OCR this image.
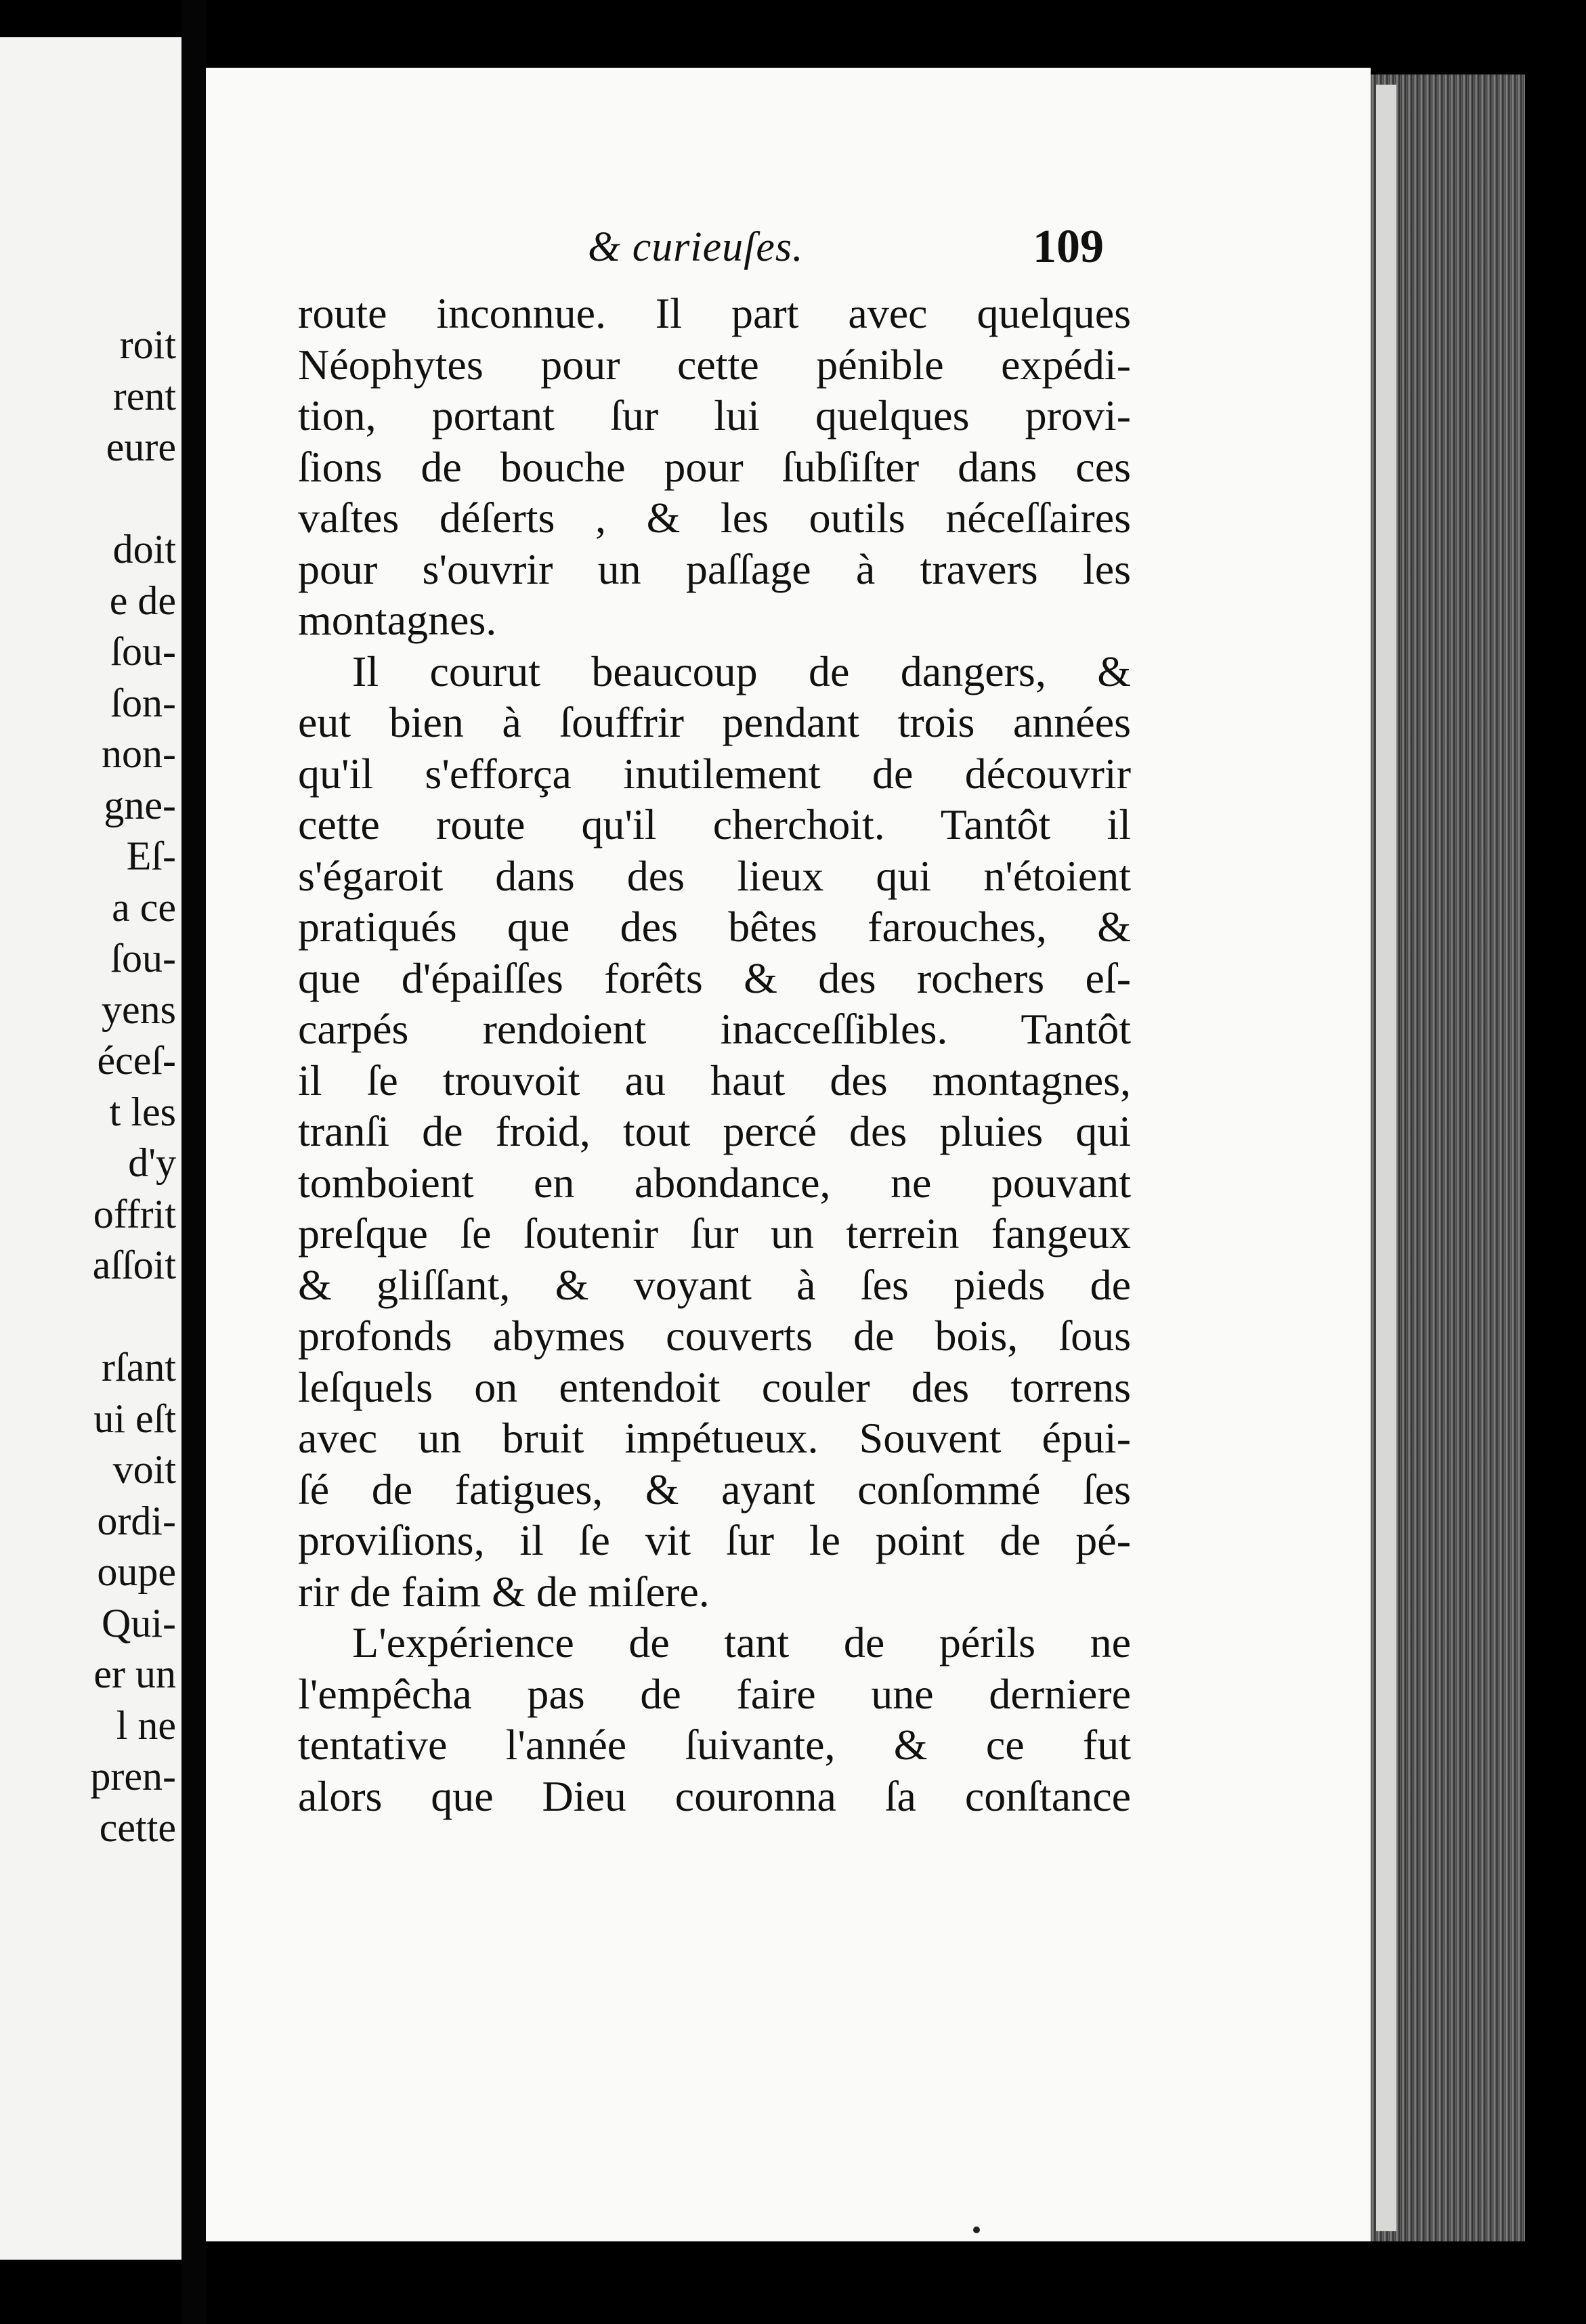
roit
rent
eure

doit
e de
ſou-
ſon-
non-
gne-
Eſ-
a ce
ſou-
yens
éceſ-
t les
d'y
offrit
aſſoit

rſant
ui eſt
voit
ordi-
oupe
Qui-
er un
l ne
pren-
cette
& curieuſes.	109
route inconnue. Il part avec quelques
Néophytes pour cette pénible expédi-
tion, portant ſur lui quelques provi-
ſions de bouche pour ſubſiſter dans ces
vaſtes déſerts , & les outils néceſſaires
pour s'ouvrir un paſſage à travers les
montagnes.
Il courut beaucoup de dangers, &
eut bien à ſouffrir pendant trois années
qu'il s'efforça inutilement de découvrir
cette route qu'il cherchoit. Tantôt il
s'égaroit dans des lieux qui n'étoient
pratiqués que des bêtes farouches, &
que d'épaiſſes forêts & des rochers eſ-
carpés rendoient inacceſſibles. Tantôt
il ſe trouvoit au haut des montagnes,
tranſi de froid, tout percé des pluies qui
tomboient en abondance, ne pouvant
preſque ſe ſoutenir ſur un terrein fangeux
& gliſſant, & voyant à ſes pieds de
profonds abymes couverts de bois, ſous
leſquels on entendoit couler des torrens
avec un bruit impétueux. Souvent épui-
ſé de fatigues, & ayant conſommé ſes
proviſions, il ſe vit ſur le point de pé-
rir de faim & de miſere.
L'expérience de tant de périls ne
l'empêcha pas de faire une derniere
tentative l'année ſuivante, & ce fut
alors que Dieu couronna ſa conſtance
